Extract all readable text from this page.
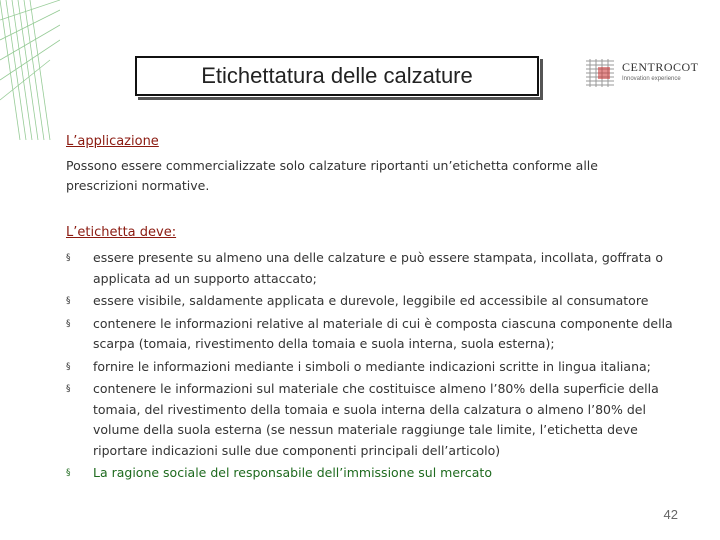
Etichettatura delle calzature	CENTROCOT
Innovation experience
L’applicazione
Possono essere commercializzate solo calzature riportanti un’etichetta conforme alle prescrizioni normative.
L’etichetta deve:
§ essere presente su almeno una delle calzature e può essere stampata, incollata, goffrata o applicata ad un supporto attaccato;
§ essere visibile, saldamente applicata e durevole, leggibile ed accessibile al consumatore
§ contenere le informazioni relative al materiale di cui è composta ciascuna componente della scarpa (tomaia, rivestimento della tomaia e suola interna, suola esterna);
§ fornire le informazioni mediante i simboli o mediante indicazioni scritte in lingua italiana;
§ contenere le informazioni sul materiale che costituisce almeno l’80% della superficie della tomaia, del rivestimento della tomaia e suola interna della calzatura o almeno l’80% del volume della suola esterna (se nessun materiale raggiunge tale limite, l’etichetta deve riportare indicazioni sulle due componenti principali dell’articolo)
§ La ragione sociale del responsabile dell’immissione sul mercato
42
